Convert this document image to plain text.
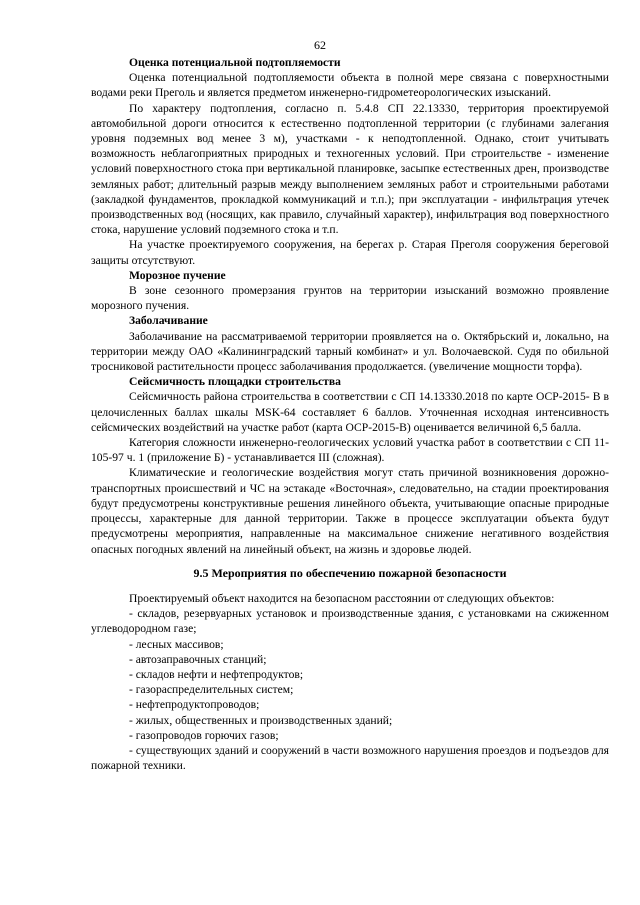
62

Оценка потенциальной подтопляемости

Оценка потенциальной подтопляемости объекта в полной мере связана с поверхностными водами реки Преголь и является предметом инженерно-гидрометеорологических изысканий.

По характеру подтопления, согласно п. 5.4.8 СП 22.13330, территория проектируемой автомобильной дороги относится к естественно подтопленной территории (с глубинами залегания уровня подземных вод менее 3 м), участками - к неподтопленной. Однако, стоит учитывать возможность неблагоприятных природных и техногенных условий. При строительстве - изменение условий поверхностного стока при вертикальной планировке, засыпке естественных дрен, производстве земляных работ; длительный разрыв между выполнением земляных работ и строительными работами (закладкой фундаментов, прокладкой коммуникаций и т.п.); при эксплуатации - инфильтрация утечек производственных вод (носящих, как правило, случайный характер), инфильтрация вод поверхностного стока, нарушение условий подземного стока и т.п.

На участке проектируемого сооружения, на берегах р. Старая Преголя сооружения береговой защиты отсутствуют.

Морозное пучение

В зоне сезонного промерзания грунтов на территории изысканий возможно проявление морозного пучения.

Заболачивание

Заболачивание на рассматриваемой территории проявляется на о. Октябрьский и, локально, на территории между ОАО «Калининградский тарный комбинат» и ул. Волочаевской. Судя по обильной тросниковой растительности процесс заболачивания продолжается. (увеличение мощности торфа).

Сейсмичность площадки строительства

Сейсмичность района строительства в соответствии с СП 14.13330.2018 по карте ОСР-2015- В в целочисленных баллах шкалы MSK-64 составляет 6 баллов. Уточненная исходная интенсивность сейсмических воздействий на участке работ (карта ОСР-2015-В) оценивается величиной 6,5 балла.

Категория сложности инженерно-геологических условий участка работ в соответствии с СП 11-105-97 ч. 1 (приложение Б) - устанавливается III (сложная).

Климатические и геологические воздействия могут стать причиной возникновения дорожно-транспортных происшествий и ЧС на эстакаде «Восточная», следовательно, на стадии проектирования будут предусмотрены конструктивные решения линейного объекта, учитывающие опасные природные процессы, характерные для данной территории. Также в процессе эксплуатации объекта будут предусмотрены мероприятия, направленные на максимальное снижение негативного воздействия опасных погодных явлений на линейный объект, на жизнь и здоровье людей.

9.5 Мероприятия по обеспечению пожарной безопасности

Проектируемый объект находится на безопасном расстоянии от следующих объектов:

- складов, резервуарных установок и производственные здания, с установками на сжиженном углеводородном газе;

- лесных массивов;

- автозаправочных станций;

- складов нефти и нефтепродуктов;

- газораспределительных систем;

- нефтепродуктопроводов;

- жилых, общественных и производственных зданий;

- газопроводов горючих газов;

- существующих зданий и сооружений в части возможного нарушения проездов и подъездов для пожарной техники.
